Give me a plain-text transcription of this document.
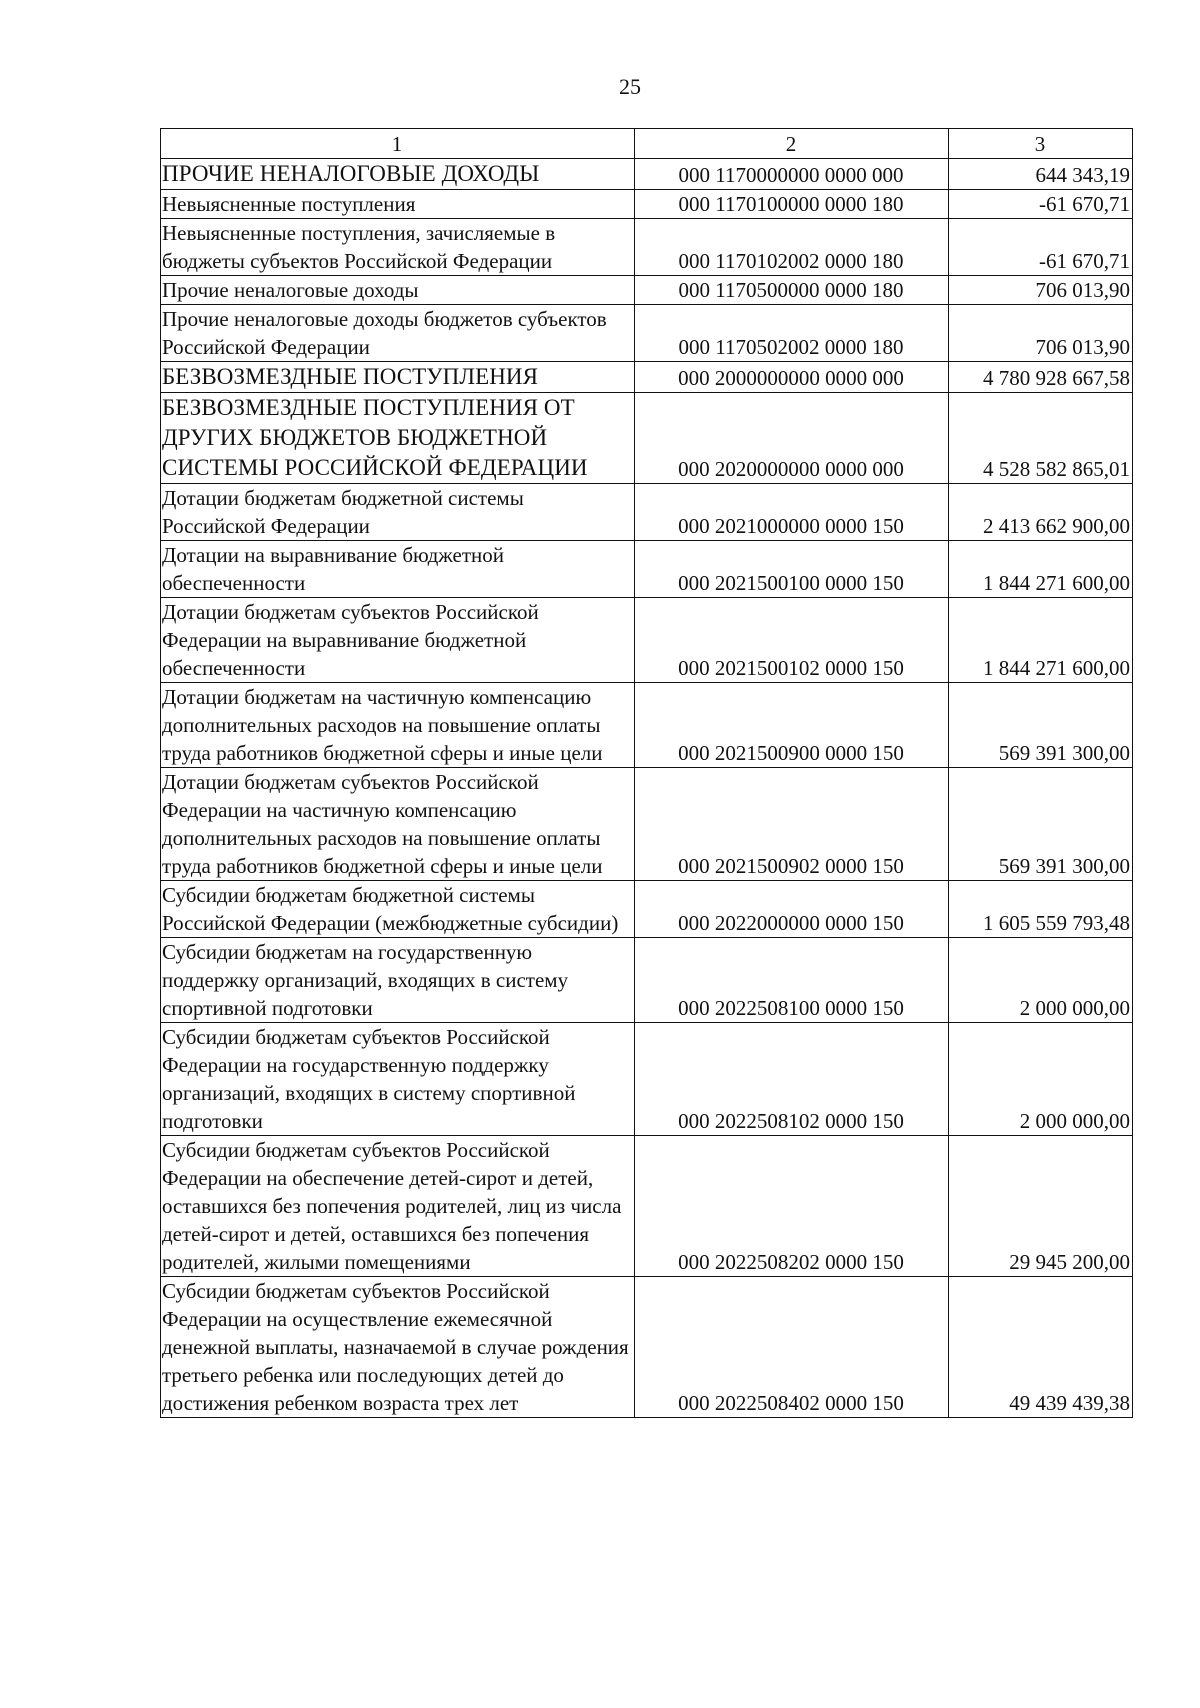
25
1	2	3
ПРОЧИЕ НЕНАЛОГОВЫЕ ДОХОДЫ	000 1170000000 0000 000	644 343,19
Невыясненные поступления	000 1170100000 0000 180	-61 670,71
Невыясненные поступления, зачисляемые в бюджеты субъектов Российской Федерации	000 1170102002 0000 180	-61 670,71
Прочие неналоговые доходы	000 1170500000 0000 180	706 013,90
Прочие неналоговые доходы бюджетов субъектов Российской Федерации	000 1170502002 0000 180	706 013,90
БЕЗВОЗМЕЗДНЫЕ ПОСТУПЛЕНИЯ	000 2000000000 0000 000	4 780 928 667,58
БЕЗВОЗМЕЗДНЫЕ ПОСТУПЛЕНИЯ ОТ ДРУГИХ БЮДЖЕТОВ БЮДЖЕТНОЙ СИСТЕМЫ РОССИЙСКОЙ ФЕДЕРАЦИИ	000 2020000000 0000 000	4 528 582 865,01
Дотации бюджетам бюджетной системы Российской Федерации	000 2021000000 0000 150	2 413 662 900,00
Дотации на выравнивание бюджетной обеспеченности	000 2021500100 0000 150	1 844 271 600,00
Дотации бюджетам субъектов Российской Федерации на выравнивание бюджетной обеспеченности	000 2021500102 0000 150	1 844 271 600,00
Дотации бюджетам на частичную компенсацию дополнительных расходов на повышение оплаты труда работников бюджетной сферы и иные цели	000 2021500900 0000 150	569 391 300,00
Дотации бюджетам субъектов Российской Федерации на частичную компенсацию дополнительных расходов на повышение оплаты труда работников бюджетной сферы и иные цели	000 2021500902 0000 150	569 391 300,00
Субсидии бюджетам бюджетной системы Российской Федерации (межбюджетные субсидии)	000 2022000000 0000 150	1 605 559 793,48
Субсидии бюджетам на государственную поддержку организаций, входящих в систему спортивной подготовки	000 2022508100 0000 150	2 000 000,00
Субсидии бюджетам субъектов Российской Федерации на государственную поддержку организаций, входящих в систему спортивной подготовки	000 2022508102 0000 150	2 000 000,00
Субсидии бюджетам субъектов Российской Федерации на обеспечение детей-сирот и детей, оставшихся без попечения родителей, лиц из числа детей-сирот и детей, оставшихся без попечения родителей, жилыми помещениями	000 2022508202 0000 150	29 945 200,00
Субсидии бюджетам субъектов Российской Федерации на осуществление ежемесячной денежной выплаты, назначаемой в случае рождения третьего ребенка или последующих детей до достижения ребенком возраста трех лет	000 2022508402 0000 150	49 439 439,38
